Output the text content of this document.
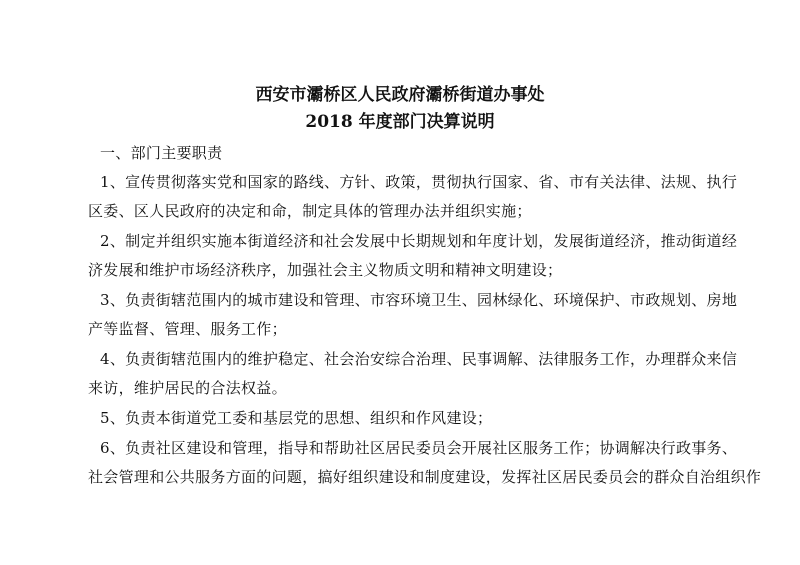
西安市灞桥区人民政府灞桥街道办事处
2018 年度部门决算说明
一、部门主要职责
1、宣传贯彻落实党和国家的路线、方针、政策，贯彻执行国家、省、市有关法律、法规、执行
区委、区人民政府的决定和命，制定具体的管理办法并组织实施；
2、制定并组织实施本街道经济和社会发展中长期规划和年度计划，发展街道经济，推动街道经
济发展和维护市场经济秩序，加强社会主义物质文明和精神文明建设；
3、负责街辖范围内的城市建设和管理、市容环境卫生、园林绿化、环境保护、市政规划、房地
产等监督、管理、服务工作；
4、负责街辖范围内的维护稳定、社会治安综合治理、民事调解、法律服务工作，办理群众来信
来访，维护居民的合法权益。
5、负责本街道党工委和基层党的思想、组织和作风建设；
6、负责社区建设和管理，指导和帮助社区居民委员会开展社区服务工作；协调解决行政事务、
社会管理和公共服务方面的问题，搞好组织建设和制度建设，发挥社区居民委员会的群众自治组织作
